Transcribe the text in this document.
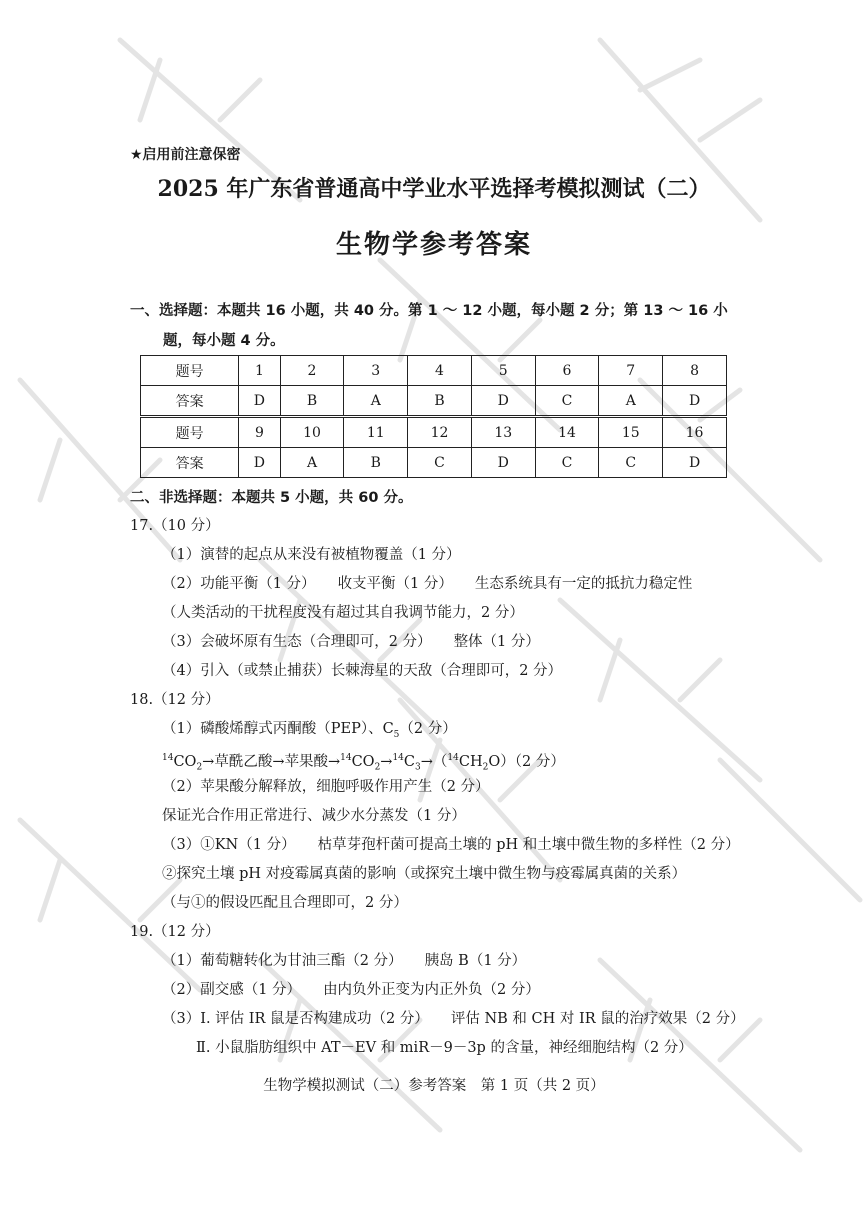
★启用前注意保密
2025 年广东省普通高中学业水平选择考模拟测试（二）
生物学参考答案
一、选择题：本题共 16 小题，共 40 分。第 1 ～ 12 小题，每小题 2 分；第 13 ～ 16 小
题，每小题 4 分。
题号	1	2	3	4	5	6	7	8
答案	D	B	A	B	D	C	A	D
题号	9	10	11	12	13	14	15	16
答案	D	A	B	C	D	C	C	D
二、非选择题：本题共 5 小题，共 60 分。
17.（10 分）
（1）演替的起点从来没有被植物覆盖（1 分）
（2）功能平衡（1 分） 收支平衡（1 分） 生态系统具有一定的抵抗力稳定性
（人类活动的干扰程度没有超过其自我调节能力，2 分）
（3）会破坏原有生态（合理即可，2 分） 整体（1 分）
（4）引入（或禁止捕获）长棘海星的天敌（合理即可，2 分）
18.（12 分）
（1）磷酸烯醇式丙酮酸（PEP）、$C_5(2$ 分）
$^{14}CO_2\to$草酰乙酸→苹果酸$\to^{14}CO_2\to^{14}C_3\to(^{14}CH_2O)(2$ 分）
（2）苹果酸分解释放，细胞呼吸作用产生（2 分）
保证光合作用正常进行、减少水分蒸发（1 分）
（3）①KN（1 分） 枯草芽孢杆菌可提高土壤的 pH 和土壤中微生物的多样性（2 分）
②探究土壤 pH 对疫霉属真菌的影响（或探究土壤中微生物与疫霉属真菌的关系）
（与①的假设匹配且合理即可，2 分）
19.（12 分）
（1）葡萄糖转化为甘油三酯（2 分） 胰岛 B（1 分）
（2）副交感（1 分） 由内负外正变为内正外负（2 分）
（3）Ⅰ. 评估 IR 鼠是否构建成功（2 分） 评估 NB 和 CH 对 IR 鼠的治疗效果（2 分）
Ⅱ. 小鼠脂肪组织中 AT－EV 和 miR－9－3p 的含量，神经细胞结构（2 分）
生物学模拟测试（二）参考答案　第 1 页（共 2 页）
